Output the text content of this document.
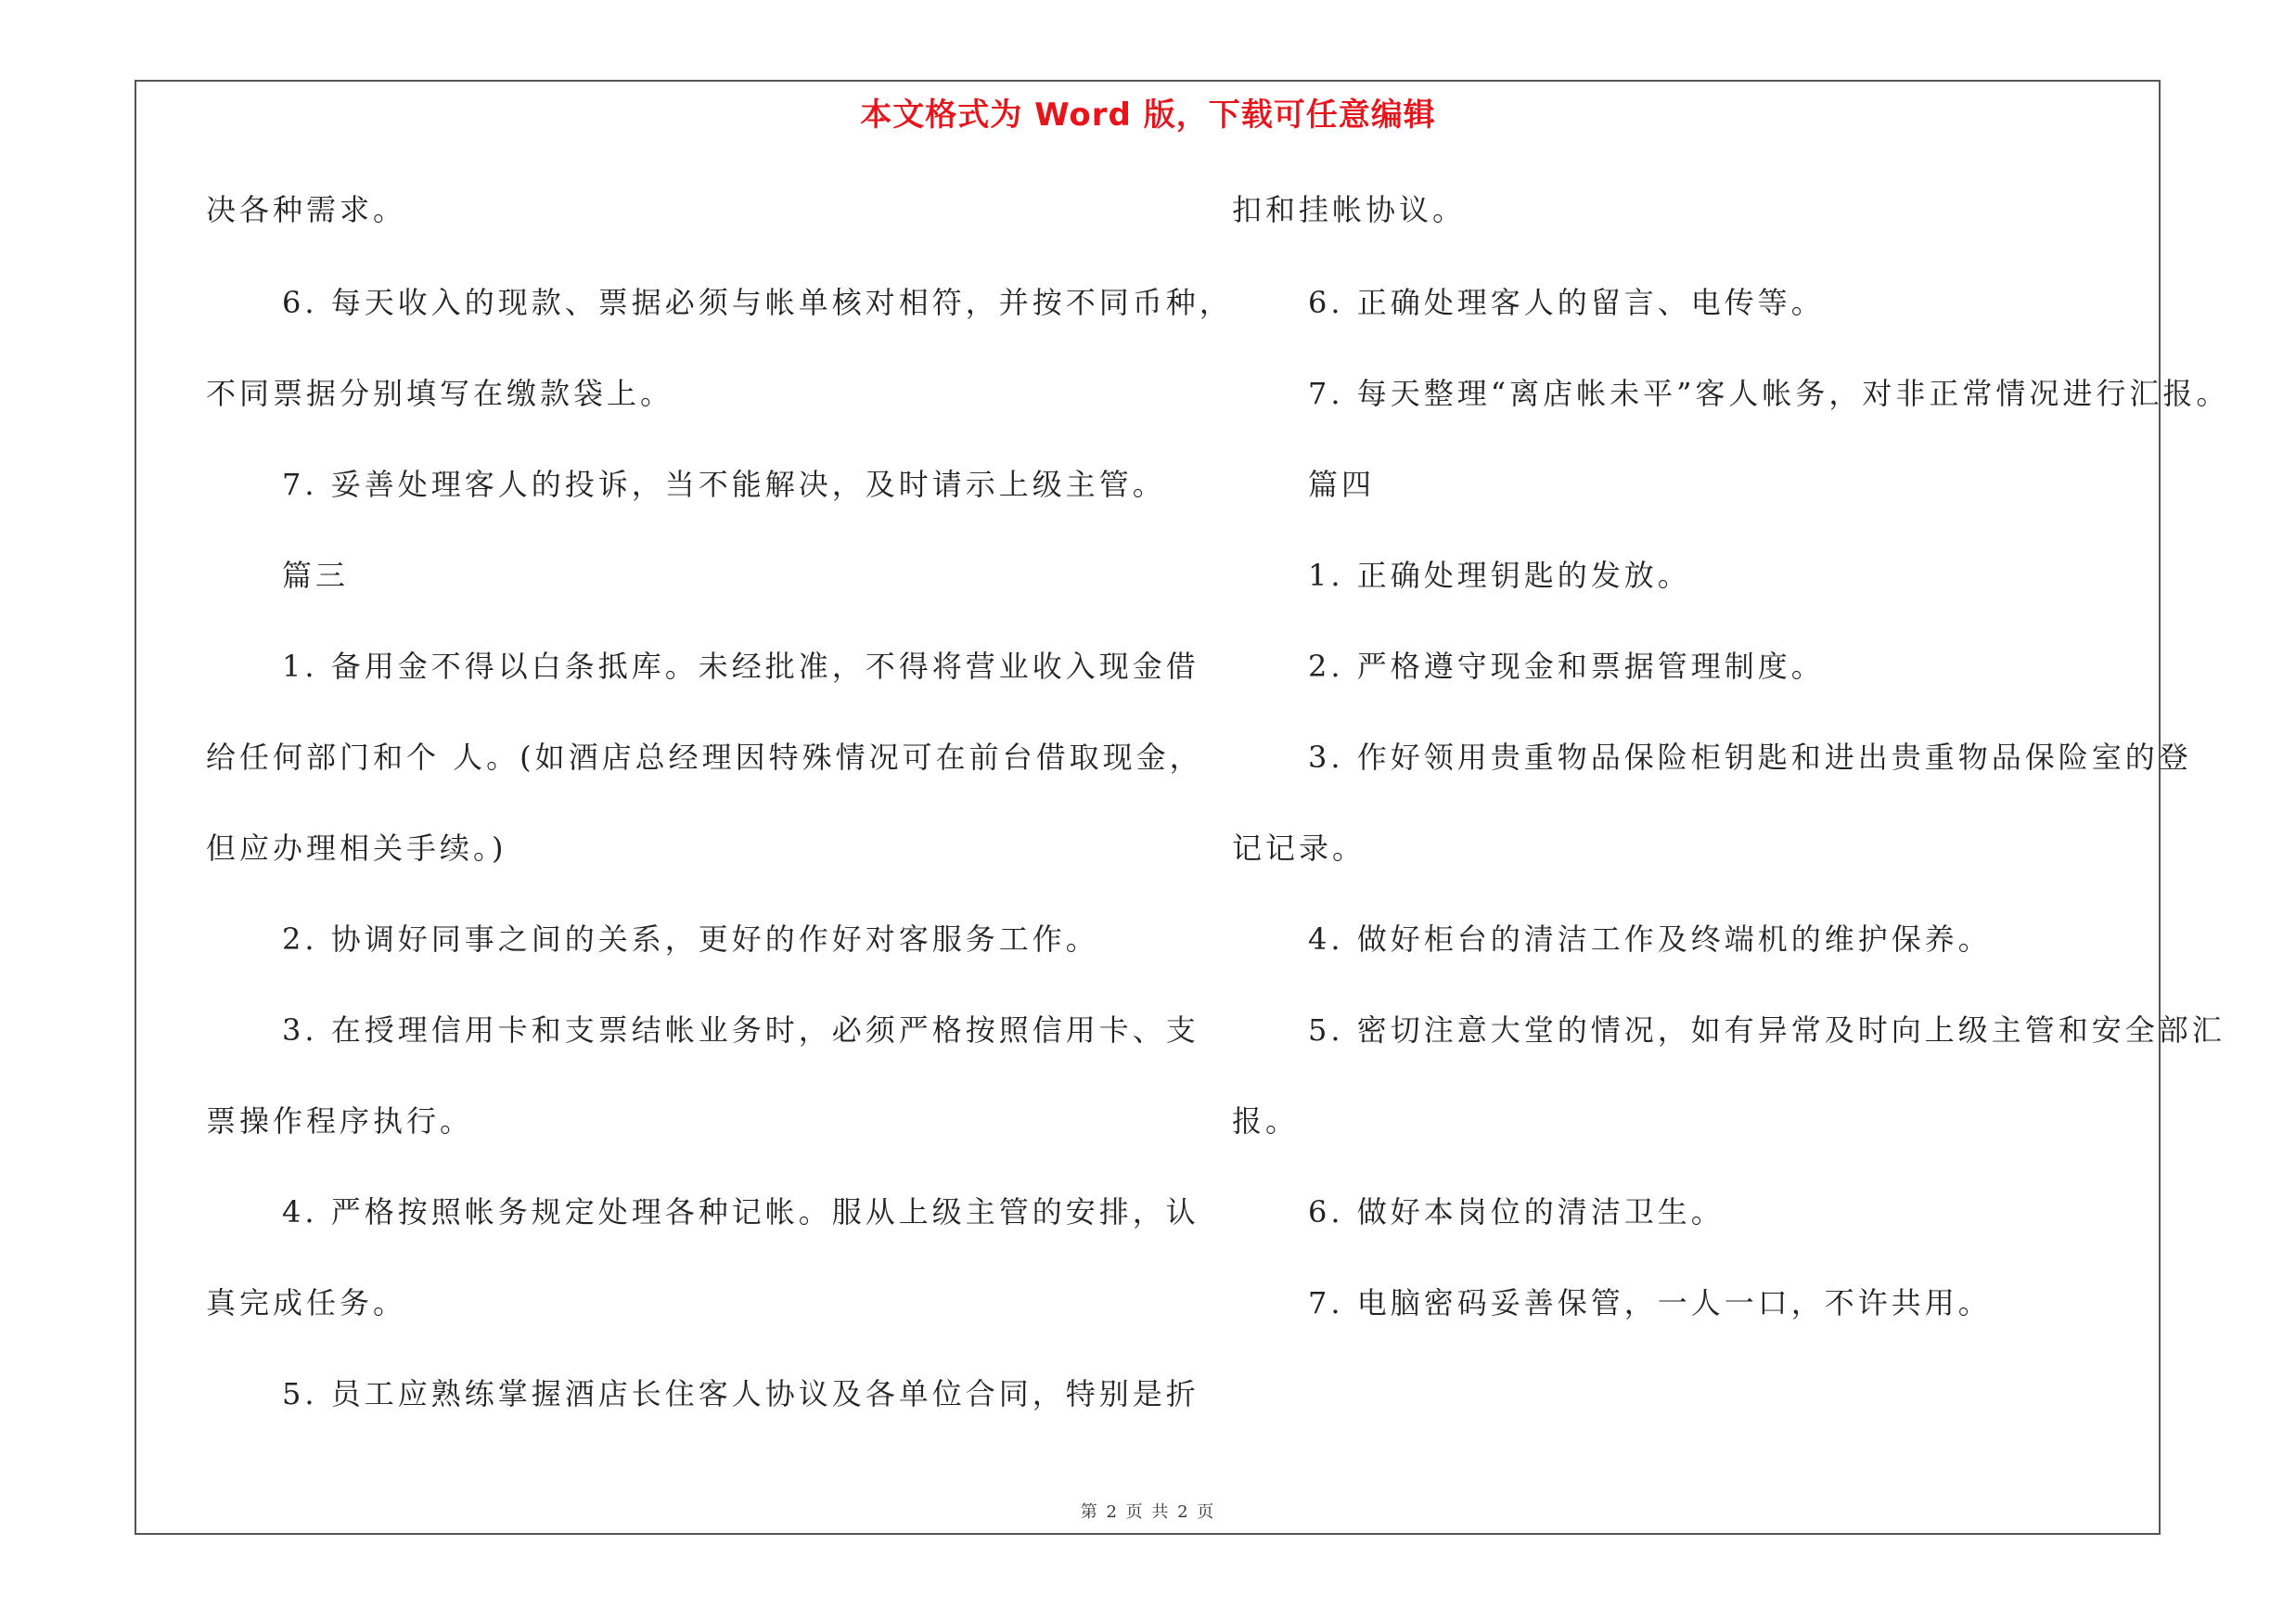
本文格式为 Word 版，下载可任意编辑
决各种需求。
6. 每天收入的现款、票据必须与帐单核对相符，并按不同币种，
不同票据分别填写在缴款袋上。
7. 妥善处理客人的投诉，当不能解决，及时请示上级主管。
篇三
1. 备用金不得以白条抵库。未经批准，不得将营业收入现金借
给任何部门和个 人。(如酒店总经理因特殊情况可在前台借取现金，
但应办理相关手续。)
2. 协调好同事之间的关系，更好的作好对客服务工作。
3. 在授理信用卡和支票结帐业务时，必须严格按照信用卡、支
票操作程序执行。
4. 严格按照帐务规定处理各种记帐。服从上级主管的安排，认
真完成任务。
5. 员工应熟练掌握酒店长住客人协议及各单位合同，特别是折
扣和挂帐协议。
6. 正确处理客人的留言、电传等。
7. 每天整理“离店帐未平”客人帐务，对非正常情况进行汇报。
篇四
1. 正确处理钥匙的发放。
2. 严格遵守现金和票据管理制度。
3. 作好领用贵重物品保险柜钥匙和进出贵重物品保险室的登
记记录。
4. 做好柜台的清洁工作及终端机的维护保养。
5. 密切注意大堂的情况，如有异常及时向上级主管和安全部汇
报。
6. 做好本岗位的清洁卫生。
7. 电脑密码妥善保管，一人一口，不许共用。
第 2 页 共 2 页
